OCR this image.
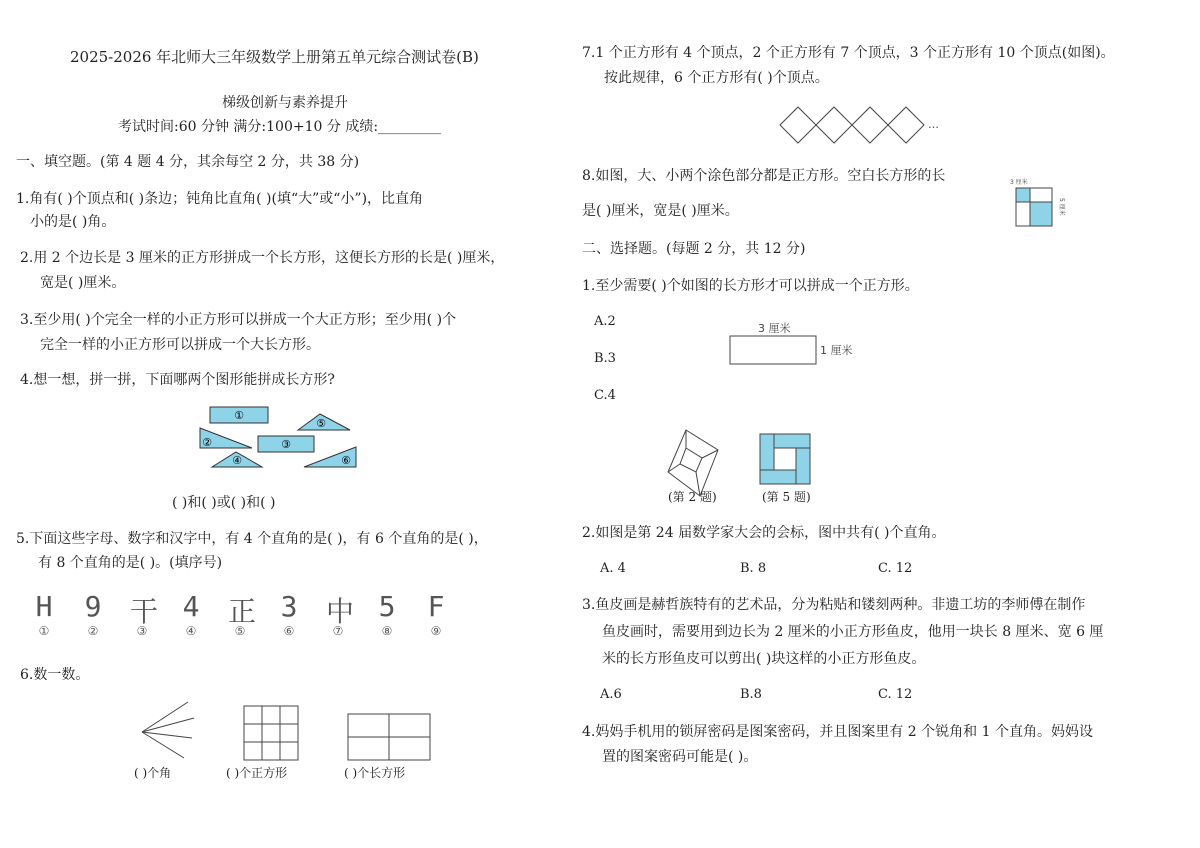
2025-2026 年北师大三年级数学上册第五单元综合测试卷(B)
梯级创新与素养提升
考试时间:60 分钟 满分:100+10 分 成绩:_________
一、填空题。(第 4 题 4 分，其余每空 2 分，共 38 分)
1.角有( )个顶点和( )条边；钝角比直角( )(填“大”或“小”)，比直角
小的是( )角。
2.用 2 个边长是 3 厘米的正方形拼成一个长方形，这便长方形的长是( )厘米，
宽是( )厘米。
3.至少用( )个完全一样的小正方形可以拼成一个大正方形；至少用( )个
完全一样的小正方形可以拼成一个大长方形。
4.想一想，拼一拼，下面哪两个图形能拼成长方形?
①
②	③
⑤
④	⑥
( )和( )或( )和( )
5.下面这些字母、数字和汉字中，有 4 个直角的是( )，有 6 个直角的是( )，
有 8 个直角的是( )。(填序号)
H 9 干 4 正 3 中 5 F
①	②	③	④	⑤	⑥	⑦	⑧	⑨
6.数一数。
( )个角	( )个正方形	( )个长方形
7.1 个正方形有 4 个顶点，2 个正方形有 7 个顶点，3 个正方形有 10 个顶点(如图)。
按此规律，6 个正方形有( )个顶点。
…
8.如图，大、小两个涂色部分都是正方形。空白长方形的长
是( )厘米，宽是( )厘米。
3 厘米
5 厘米
二、选择题。(每题 2 分，共 12 分)
1.至少需要( )个如图的长方形才可以拼成一个正方形。
A.2
B.3
C.4
3 厘米
1 厘米
(第 2 题)	(第 5 题)
2.如图是第 24 届数学家大会的会标，图中共有( )个直角。
A. 4	B. 8	C. 12
3.鱼皮画是赫哲族特有的艺术品，分为粘贴和镂刻两种。非遗工坊的李师傅在制作
鱼皮画时，需要用到边长为 2 厘米的小正方形鱼皮，他用一块长 8 厘米、宽 6 厘
米的长方形鱼皮可以剪出( )块这样的小正方形鱼皮。
A.6	B.8	C. 12
4.妈妈手机用的锁屏密码是图案密码，并且图案里有 2 个锐角和 1 个直角。妈妈设
置的图案密码可能是( )。
